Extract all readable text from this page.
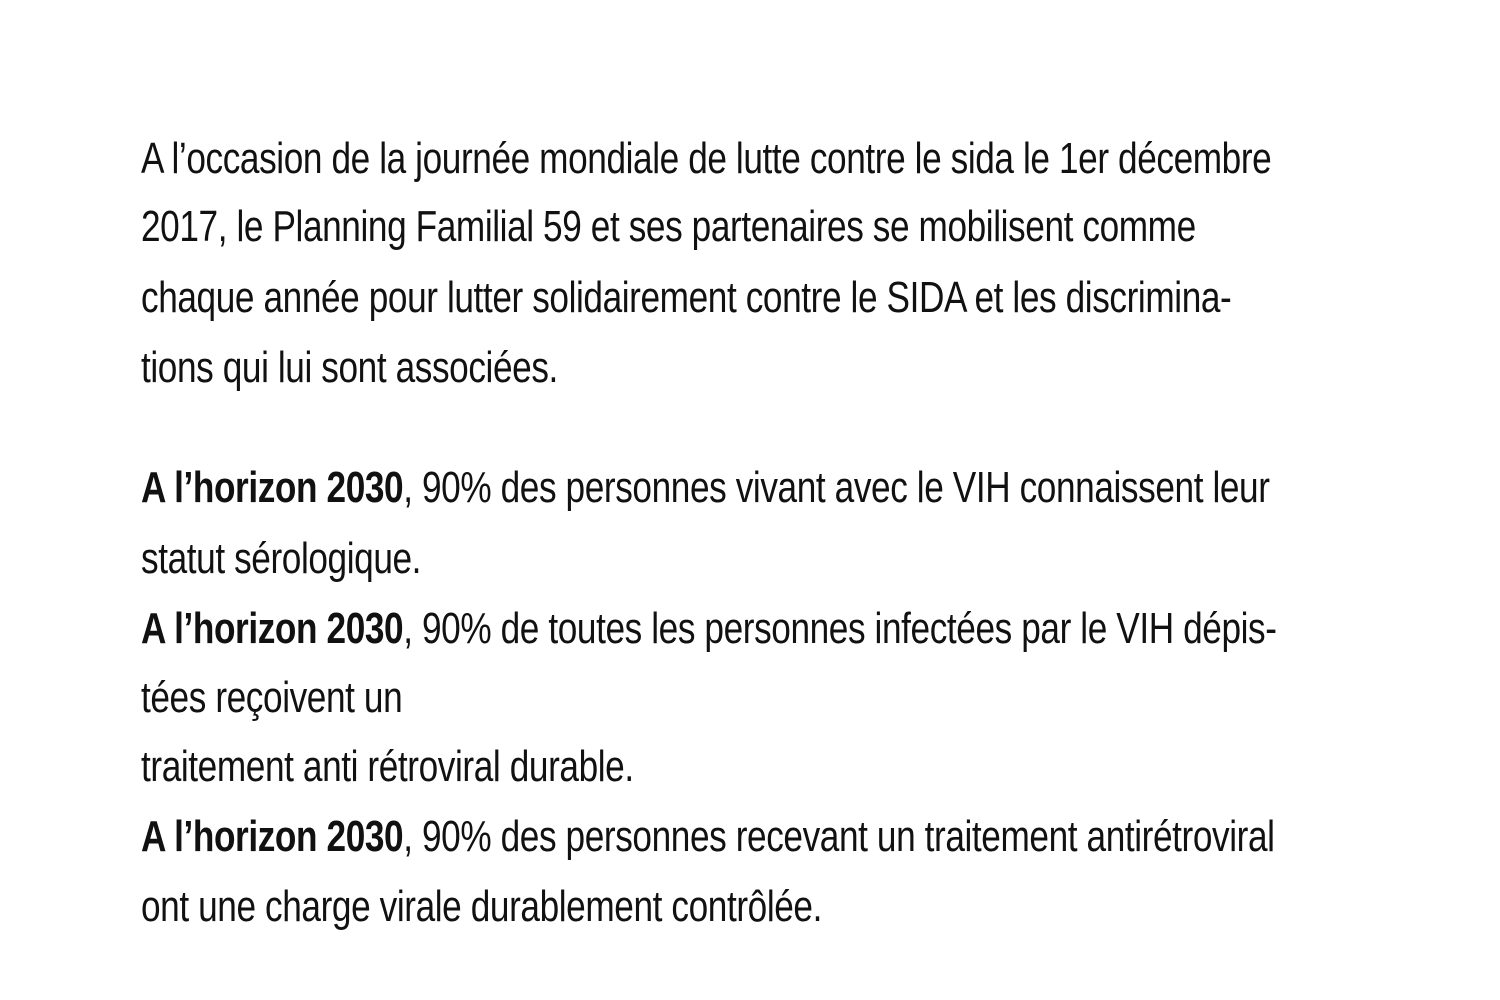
A l’occasion de la journée mondiale de lutte contre le sida le 1er décembre
2017, le Planning Familial 59 et ses partenaires se mobilisent comme
chaque année pour lutter solidairement contre le SIDA et les discrimina-
tions qui lui sont associées.
A l’horizon 2030, 90% des personnes vivant avec le VIH connaissent leur
statut sérologique.
A l’horizon 2030, 90% de toutes les personnes infectées par le VIH dépis-
tées reçoivent un
traitement anti rétroviral durable.
A l’horizon 2030, 90% des personnes recevant un traitement antirétroviral
ont une charge virale durablement contrôlée.
